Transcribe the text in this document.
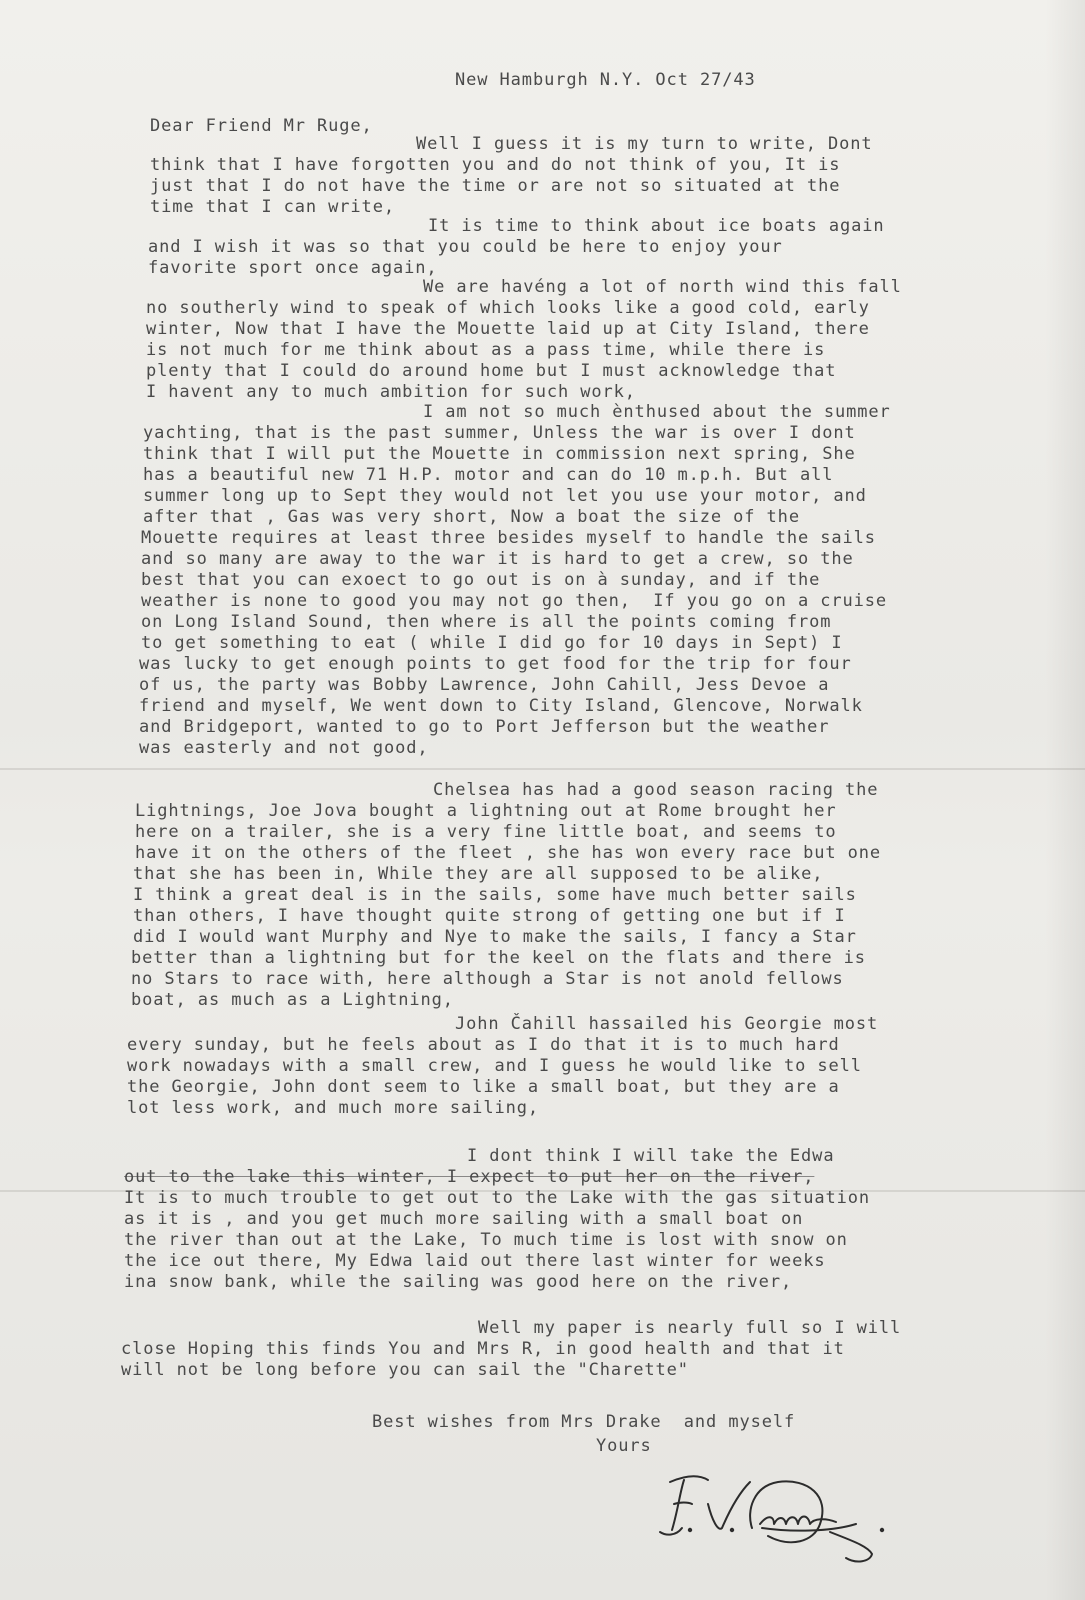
New Hamburgh N.Y. Oct 27/43
Dear Friend Mr Ruge,
Well I guess it is my turn to write, Dont
think that I have forgotten you and do not think of you, It is
just that I do not have the time or are not so situated at the
time that I can write,
It is time to think about ice boats again
and I wish it was so that you could be here to enjoy your
favorite sport once again,
We are havéng a lot of north wind this fall
no southerly wind to speak of which looks like a good cold, early
winter, Now that I have the Mouette laid up at City Island, there
is not much for me think about as a pass time, while there is
plenty that I could do around home but I must acknowledge that
I havent any to much ambition for such work,
I am not so much ènthused about the summer
yachting, that is the past summer, Unless the war is over I dont
think that I will put the Mouette in commission next spring, She
has a beautiful new 71 H.P. motor and can do 10 m.p.h. But all
summer long up to Sept they would not let you use your motor, and
after that , Gas was very short, Now a boat the size of the
Mouette requires at least three besides myself to handle the sails
and so many are away to the war it is hard to get a crew, so the
best that you can exoect to go out is on à sunday, and if the
weather is none to good you may not go then,  If you go on a cruise
on Long Island Sound, then where is all the points coming from
to get something to eat ( while I did go for 10 days in Sept) I
was lucky to get enough points to get food for the trip for four
of us, the party was Bobby Lawrence, John Cahill, Jess Devoe a
friend and myself, We went down to City Island, Glencove, Norwalk
and Bridgeport, wanted to go to Port Jefferson but the weather
was easterly and not good,
Chelsea has had a good season racing the
Lightnings, Joe Jova bought a lightning out at Rome brought her
here on a trailer, she is a very fine little boat, and seems to
have it on the others of the fleet , she has won every race but one
that she has been in, While they are all supposed to be alike,
I think a great deal is in the sails, some have much better sails
than others, I have thought quite strong of getting one but if I
did I would want Murphy and Nye to make the sails, I fancy a Star
better than a lightning but for the keel on the flats and there is
no Stars to race with, here although a Star is not anold fellows
boat, as much as a Lightning,
John Čahill hassailed his Georgie most
every sunday, but he feels about as I do that it is to much hard
work nowadays with a small crew, and I guess he would like to sell
the Georgie, John dont seem to like a small boat, but they are a
lot less work, and much more sailing,
I dont think I will take the Edwa
out to the lake this winter, I expect to put her on the river,
It is to much trouble to get out to the Lake with the gas situation
as it is , and you get much more sailing with a small boat on
the river than out at the Lake, To much time is lost with snow on
the ice out there, My Edwa laid out there last winter for weeks
ina snow bank, while the sailing was good here on the river,
Well my paper is nearly full so I will
close Hoping this finds You and Mrs R, in good health and that it
will not be long before you can sail the "Charette"
Best wishes from Mrs Drake  and myself
Yours
